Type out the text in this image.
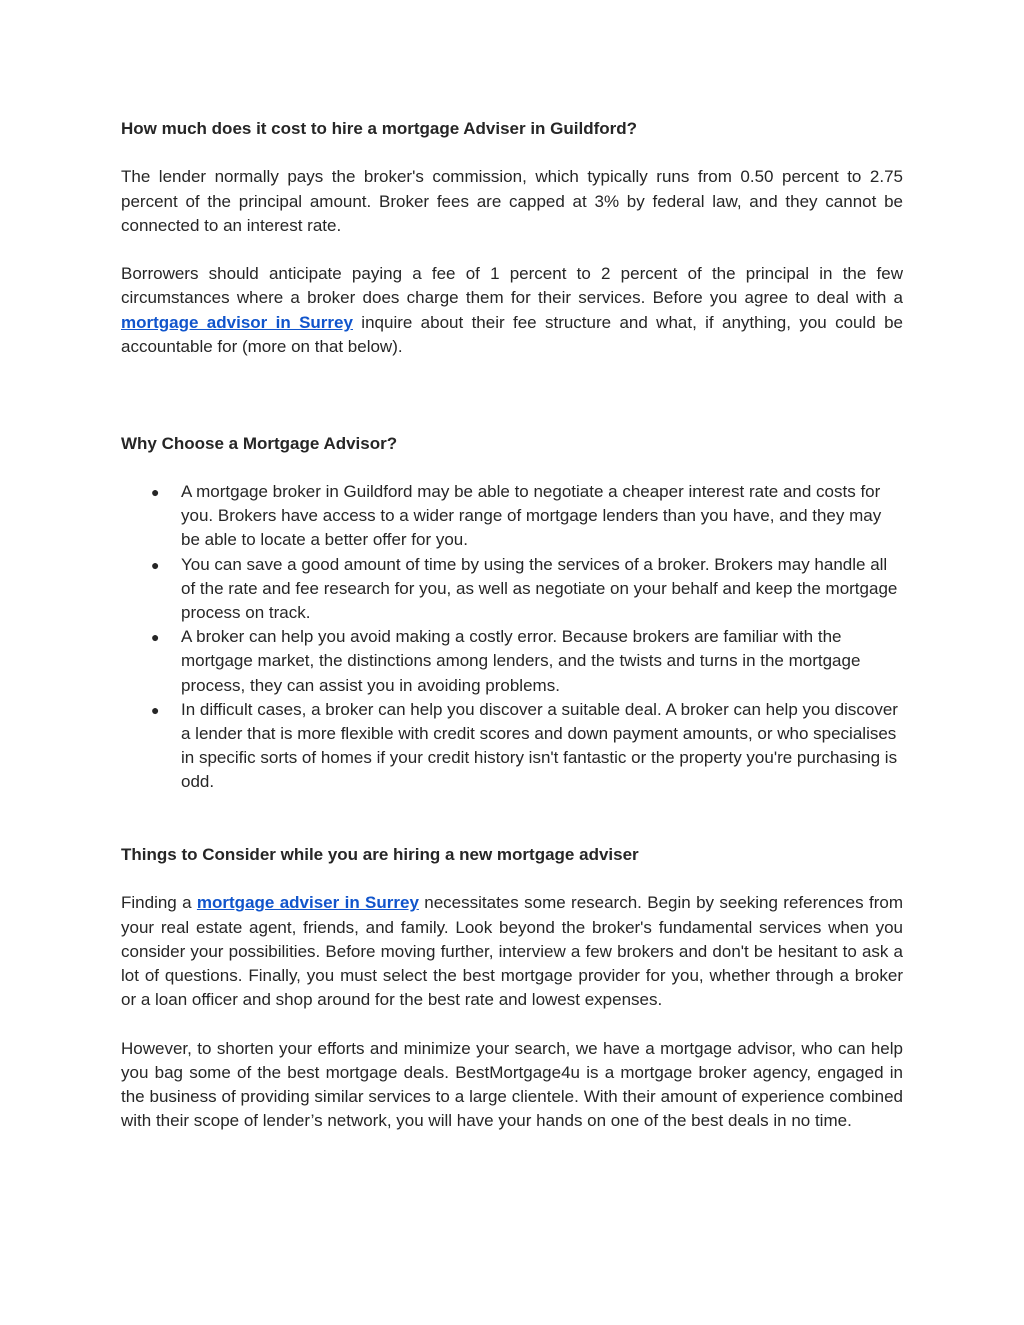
How much does it cost to hire a mortgage Adviser in Guildford?

The lender normally pays the broker's commission, which typically runs from 0.50 percent to 2.75 percent of the principal amount. Broker fees are capped at 3% by federal law, and they cannot be connected to an interest rate.

Borrowers should anticipate paying a fee of 1 percent to 2 percent of the principal in the few circumstances where a broker does charge them for their services. Before you agree to deal with a mortgage advisor in Surrey inquire about their fee structure and what, if anything, you could be accountable for (more on that below).

Why Choose a Mortgage Advisor?
● A mortgage broker in Guildford may be able to negotiate a cheaper interest rate and costs for you. Brokers have access to a wider range of mortgage lenders than you have, and they may be able to locate a better offer for you.
● You can save a good amount of time by using the services of a broker. Brokers may handle all of the rate and fee research for you, as well as negotiate on your behalf and keep the mortgage process on track.
● A broker can help you avoid making a costly error. Because brokers are familiar with the mortgage market, the distinctions among lenders, and the twists and turns in the mortgage process, they can assist you in avoiding problems.
● In difficult cases, a broker can help you discover a suitable deal. A broker can help you discover a lender that is more flexible with credit scores and down payment amounts, or who specialises in specific sorts of homes if your credit history isn't fantastic or the property you're purchasing is odd.
Things to Consider while you are hiring a new mortgage adviser

Finding a mortgage adviser in Surrey necessitates some research. Begin by seeking references from your real estate agent, friends, and family. Look beyond the broker's fundamental services when you consider your possibilities. Before moving further, interview a few brokers and don't be hesitant to ask a lot of questions. Finally, you must select the best mortgage provider for you, whether through a broker or a loan officer and shop around for the best rate and lowest expenses.

However, to shorten your efforts and minimize your search, we have a mortgage advisor, who can help you bag some of the best mortgage deals. BestMortgage4u is a mortgage broker agency, engaged in the business of providing similar services to a large clientele. With their amount of experience combined with their scope of lender’s network, you will have your hands on one of the best deals in no time.
